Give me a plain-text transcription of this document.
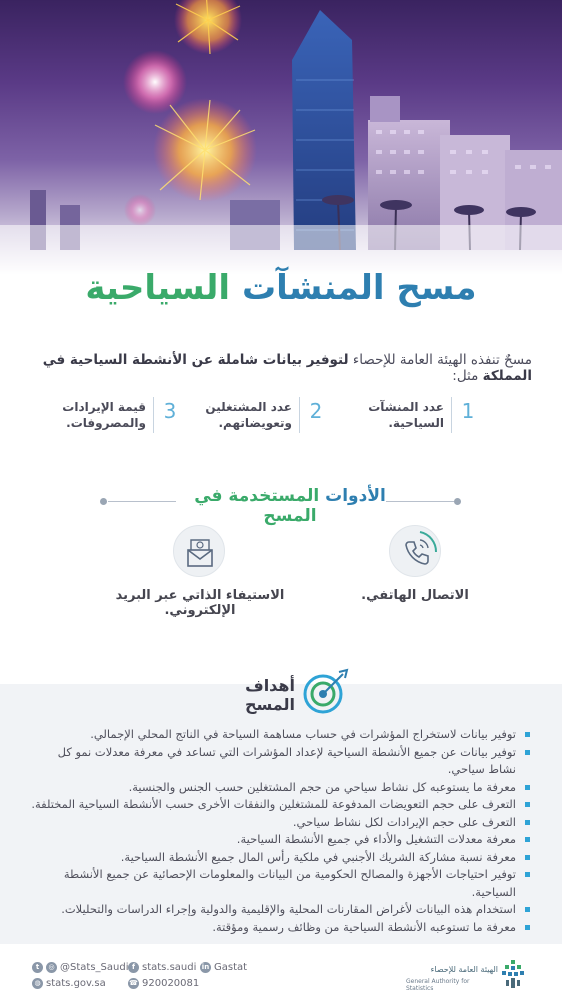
مسح المنشآت السياحية
مسحٌ تنفذه الهيئة العامة للإحصاء لتوفير بيانات شاملة عن الأنشطة السياحية في المملكة مثل:
1
عدد المنشآت السياحية.
2
عدد المشتغلين وتعويضاتهم.
3
قيمة الإيرادات والمصروفات.
الأدوات المستخدمة في المسح
الاتصال الهاتفي.
الاستيفاء الذاتي عبر البريد الإلكتروني.
أهداف المسح
توفير بيانات لاستخراج المؤشرات في حساب مساهمة السياحة في الناتج المحلي الإجمالي.
توفير بيانات عن جميع الأنشطة السياحية لإعداد المؤشرات التي تساعد في معرفة معدلات نمو كل نشاط سياحي.
معرفة ما يستوعبه كل نشاط سياحي من حجم المشتغلين حسب الجنس والجنسية.
التعرف على حجم التعويضات المدفوعة للمشتغلين والنفقات الأخرى حسب الأنشطة السياحية المختلفة.
التعرف على حجم الإيرادات لكل نشاط سياحي.
معرفة معدلات التشغيل والأداء في جميع الأنشطة السياحية.
معرفة نسبة مشاركة الشريك الأجنبي في ملكية رأس المال جميع الأنشطة السياحية.
توفير احتياجات الأجهزة والمصالح الحكومية من البيانات والمعلومات الإحصائية عن جميع الأنشطة السياحية.
استخدام هذه البيانات لأغراض المقارنات المحلية والإقليمية والدولية وإجراء الدراسات والتحليلات.
معرفة ما تستوعبه الأنشطة السياحية من وظائف رسمية ومؤقتة.
t	◎ @Stats_Saudi f stats.saudi in Gastat
◍ stats.gov.sa	☎ 920020081
الهيئة العامة للإحصاء
General Authority for Statistics
